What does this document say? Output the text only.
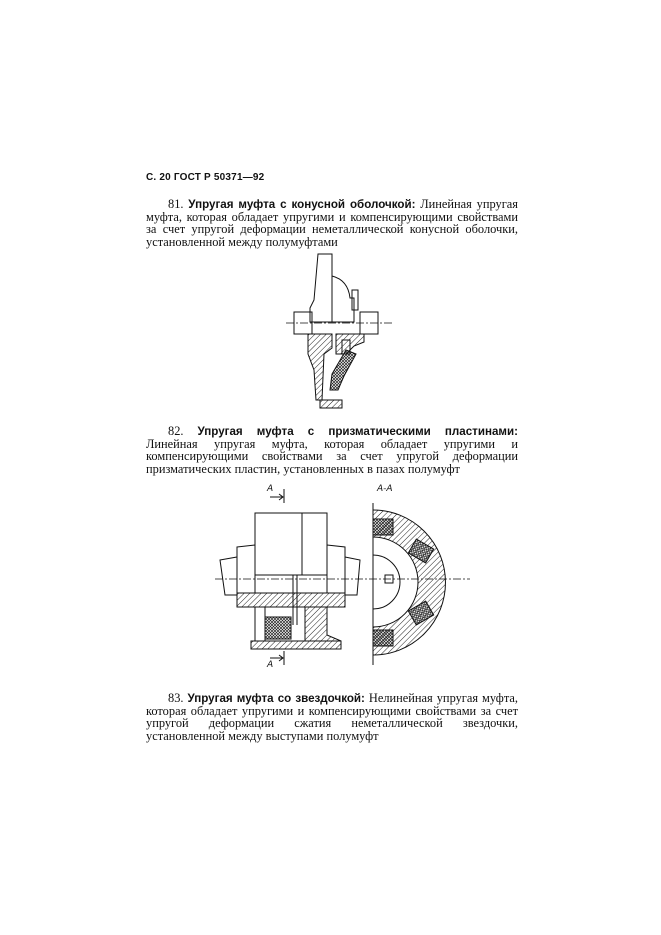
С. 20 ГОСТ Р 50371—92
81. Упругая муфта с конусной оболочкой: Линейная упругая муфта, которая обладает упругими и компенсирующими свойствами за счет упругой деформации неметаллической конусной оболочки, установленной между полумуфтами
82. Упругая муфта с призматическими пластинами: Линейная упругая муфта, которая обладает упругими и компенсирующими свойствами за счет упругой деформации призматических пластин, установленных в пазах полумуфт
A
A
A-A
83. Упругая муфта со звездочкой: Нелинейная упругая муфта, которая обладает упругими и компенсирующими свойствами за счет упругой деформации сжатия неметаллической звездочки, установленной между выступами полумуфт
